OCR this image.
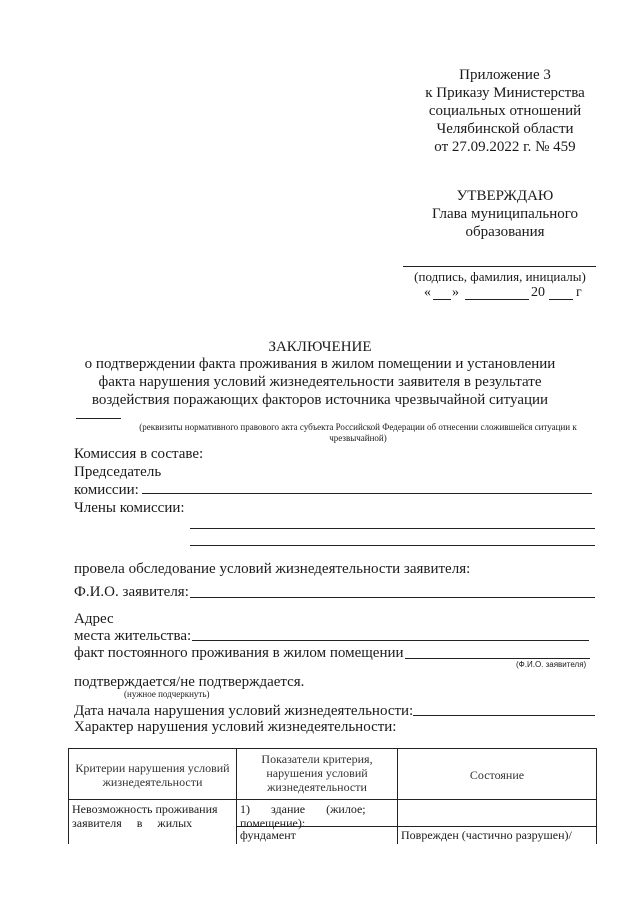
Приложение 3
к Приказу Министерства
социальных отношений
Челябинской области
от 27.09.2022 г. № 459
УТВЕРЖДАЮ
Глава муниципального
образования
(подпись, фамилия, инициалы)
« »	20 г
ЗАКЛЮЧЕНИЕ
о подтверждении факта проживания в жилом помещении и установлении
факта нарушения условий жизнедеятельности заявителя в результате
воздействия поражающих факторов источника чрезвычайной ситуации
(реквизиты нормативного правового акта субъекта Российской Федерации об отнесении сложившейся ситуации к
чрезвычайной)
Комиссия в составе:
Председатель
комиссии:
Члены комиссии:
провела обследование условий жизнедеятельности заявителя:
Ф.И.О. заявителя:
Адрес
места жительства:
факт постоянного проживания в жилом помещении
(Ф.И.О. заявителя)
подтверждается/не подтверждается.
(нужное подчеркнуть)
Дата начала нарушения условий жизнедеятельности:
Характер нарушения условий жизнедеятельности:
Критерии нарушения условий жизнедеятельности
Показатели критерия, нарушения условий жизнедеятельности
Состояние
Невозможность проживания
заявителя     в     жилых
1)       здание       (жилое;
помещение):
фундамент	Поврежден (частично разрушен)/
